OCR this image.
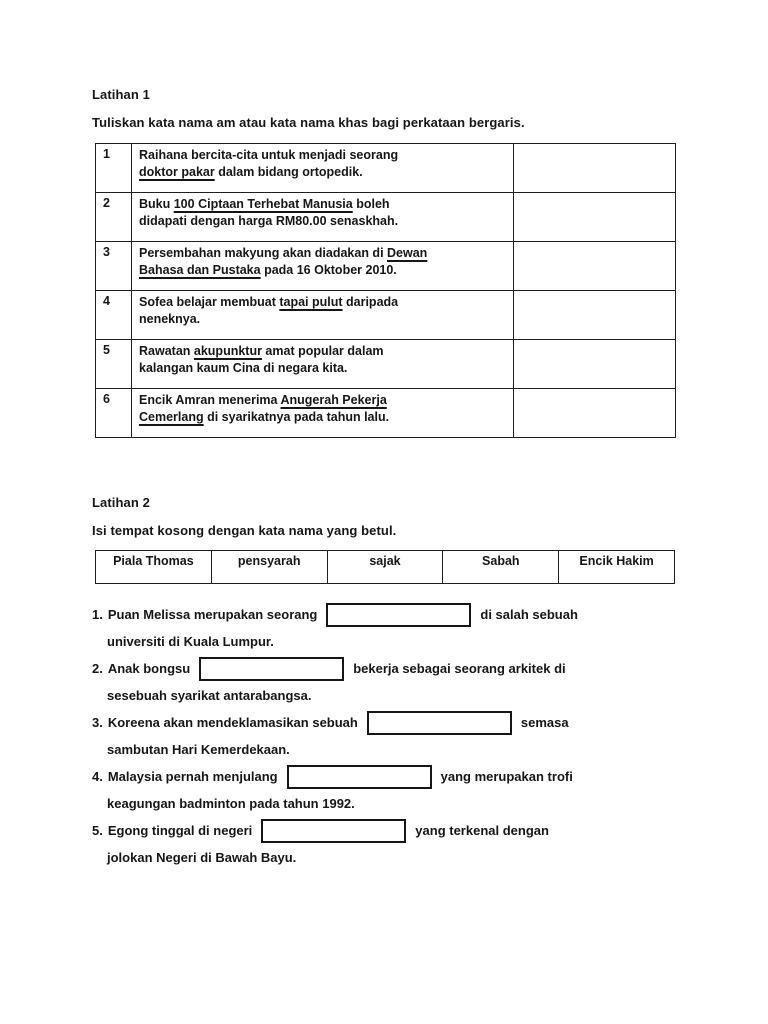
Latihan 1
Tuliskan kata nama am atau kata nama khas bagi perkataan bergaris.
1	Raihana bercita-cita untuk menjadi seorang
doktor pakar dalam bidang ortopedik.	

2	Buku 100 Ciptaan Terhebat Manusia boleh
didapati dengan harga RM80.00 senaskhah.	

3	Persembahan makyung akan diadakan di Dewan
Bahasa dan Pustaka pada 16 Oktober 2010.	

4	Sofea belajar membuat tapai pulut daripada
neneknya.	

5	Rawatan akupunktur amat popular dalam
kalangan kaum Cina di negara kita.	

6	Encik Amran menerima Anugerah Pekerja
Cemerlang di syarikatnya pada tahun lalu.	

Latihan 2
Isi tempat kosong dengan kata nama yang betul.
Piala Thomas	pensyarah	sajak	Sabah	Encik Hakim
1. Puan Melissa merupakan seorang	di salah sebuah
universiti di Kuala Lumpur.
2. Anak bongsu	bekerja sebagai seorang arkitek di
sesebuah syarikat antarabangsa.
3. Koreena akan mendeklamasikan sebuah	semasa
sambutan Hari Kemerdekaan.
4. Malaysia pernah menjulang	yang merupakan trofi
keagungan badminton pada tahun 1992.
5. Egong tinggal di negeri	yang terkenal dengan
jolokan Negeri di Bawah Bayu.
